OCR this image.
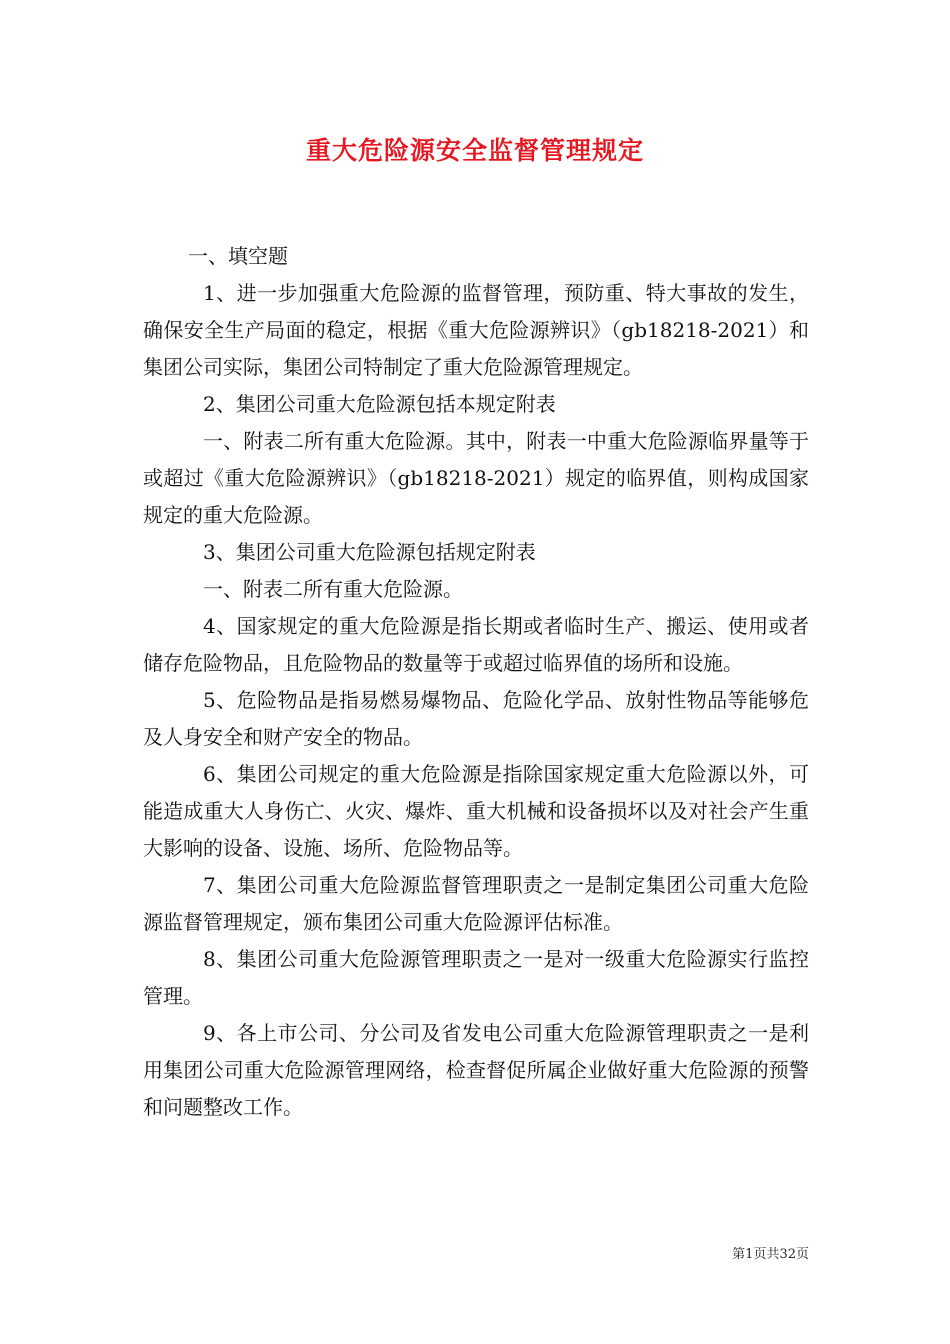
重大危险源安全监督管理规定

一、填空题

1、进一步加强重大危险源的监督管理，预防重、特大事故的发生，确保安全生产局面的稳定，根据《重大危险源辨识》（gb18218-2021）和集团公司实际，集团公司特制定了重大危险源管理规定。

2、集团公司重大危险源包括本规定附表

一、附表二所有重大危险源。其中，附表一中重大危险源临界量等于或超过《重大危险源辨识》（gb18218-2021）规定的临界值，则构成国家规定的重大危险源。

3、集团公司重大危险源包括规定附表

一、附表二所有重大危险源。

4、国家规定的重大危险源是指长期或者临时生产、搬运、使用或者储存危险物品，且危险物品的数量等于或超过临界值的场所和设施。

5、危险物品是指易燃易爆物品、危险化学品、放射性物品等能够危及人身安全和财产安全的物品。

6、集团公司规定的重大危险源是指除国家规定重大危险源以外，可能造成重大人身伤亡、火灾、爆炸、重大机械和设备损坏以及对社会产生重大影响的设备、设施、场所、危险物品等。

7、集团公司重大危险源监督管理职责之一是制定集团公司重大危险源监督管理规定，颁布集团公司重大危险源评估标准。

8、集团公司重大危险源管理职责之一是对一级重大危险源实行监控管理。

9、各上市公司、分公司及省发电公司重大危险源管理职责之一是利用集团公司重大危险源管理网络，检查督促所属企业做好重大危险源的预警和问题整改工作。

第1页共32页
